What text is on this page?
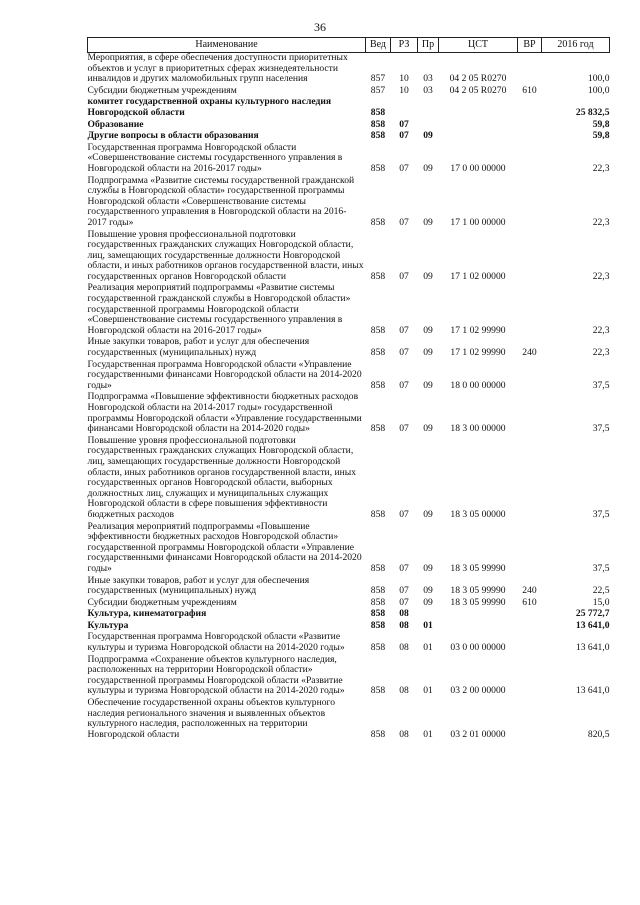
36
Наименование	Вед	РЗ	Пр	ЦСТ	ВР	2016 год
Мероприятия, в сфере обеспечения доступности приоритетных объектов и услуг в приоритетных сферах жизнедеятельности инвалидов и других маломобильных групп населения	857	10	03	04 2 05 R0270		100,0
Субсидии бюджетным учреждениям	857	10	03	04 2 05 R0270	610	100,0
комитет государственной охраны культурного наследия Новгородской области	858					25 832,5
Образование	858	07				59,8
Другие вопросы в области образования	858	07	09			59,8
Государственная программа Новгородской области «Совершенствование системы государственного управления в Новгородской области на 2016-2017 годы»	858	07	09	17 0 00 00000		22,3
Подпрограмма «Развитие системы государственной гражданской службы в Новгородской области» государственной программы Новгородской области «Совершенствование системы государственного управления в Новгородской области на 2016-2017 годы»	858	07	09	17 1 00 00000		22,3
Повышение уровня профессиональной подготовки государственных гражданских служащих Новгородской области, лиц, замещающих государственные должности Новгородской области, и иных работников органов государственной власти, иных государственных органов Новгородской области	858	07	09	17 1 02 00000		22,3
Реализация мероприятий подпрограммы «Развитие системы государственной гражданской службы в Новгородской области» государственной программы Новгородской области «Совершенствование системы государственного управления в Новгородской области на 2016-2017 годы»	858	07	09	17 1 02 99990		22,3
Иные закупки товаров, работ и услуг для обеспечения государственных (муниципальных) нужд	858	07	09	17 1 02 99990	240	22,3
Государственная программа Новгородской области «Управление государственными финансами Новгородской области на 2014-2020 годы»	858	07	09	18 0 00 00000		37,5
Подпрограмма «Повышение эффективности бюджетных расходов Новгородской области на 2014-2017 годы» государственной программы Новгородской области «Управление государственными финансами Новгородской области на 2014-2020 годы»	858	07	09	18 3 00 00000		37,5
Повышение уровня профессиональной подготовки государственных гражданских служащих Новгородской области, лиц, замещающих государственные должности Новгородской области, иных работников органов государственной власти, иных государственных органов Новгородской области, выборных должностных лиц, служащих и муниципальных служащих Новгородской области в сфере повышения эффективности бюджетных расходов	858	07	09	18 3 05 00000		37,5
Реализация мероприятий подпрограммы «Повышение эффективности бюджетных расходов Новгородской области» государственной программы Новгородской области «Управление государственными финансами Новгородской области на 2014-2020 годы»	858	07	09	18 3 05 99990		37,5
Иные закупки товаров, работ и услуг для обеспечения государственных (муниципальных) нужд	858	07	09	18 3 05 99990	240	22,5
Субсидии бюджетным учреждениям	858	07	09	18 3 05 99990	610	15,0
Культура, кинематография	858	08				25 772,7
Культура	858	08	01			13 641,0
Государственная программа Новгородской области «Развитие культуры и туризма Новгородской области на 2014-2020 годы»	858	08	01	03 0 00 00000		13 641,0
Подпрограмма «Сохранение объектов культурного наследия, расположенных на территории Новгородской области» государственной программы Новгородской области «Развитие культуры и туризма Новгородской области на 2014-2020 годы»	858	08	01	03 2 00 00000		13 641,0
Обеспечение государственной охраны объектов культурного наследия регионального значения и выявленных объектов культурного наследия, расположенных на территории Новгородской области	858	08	01	03 2 01 00000		820,5
